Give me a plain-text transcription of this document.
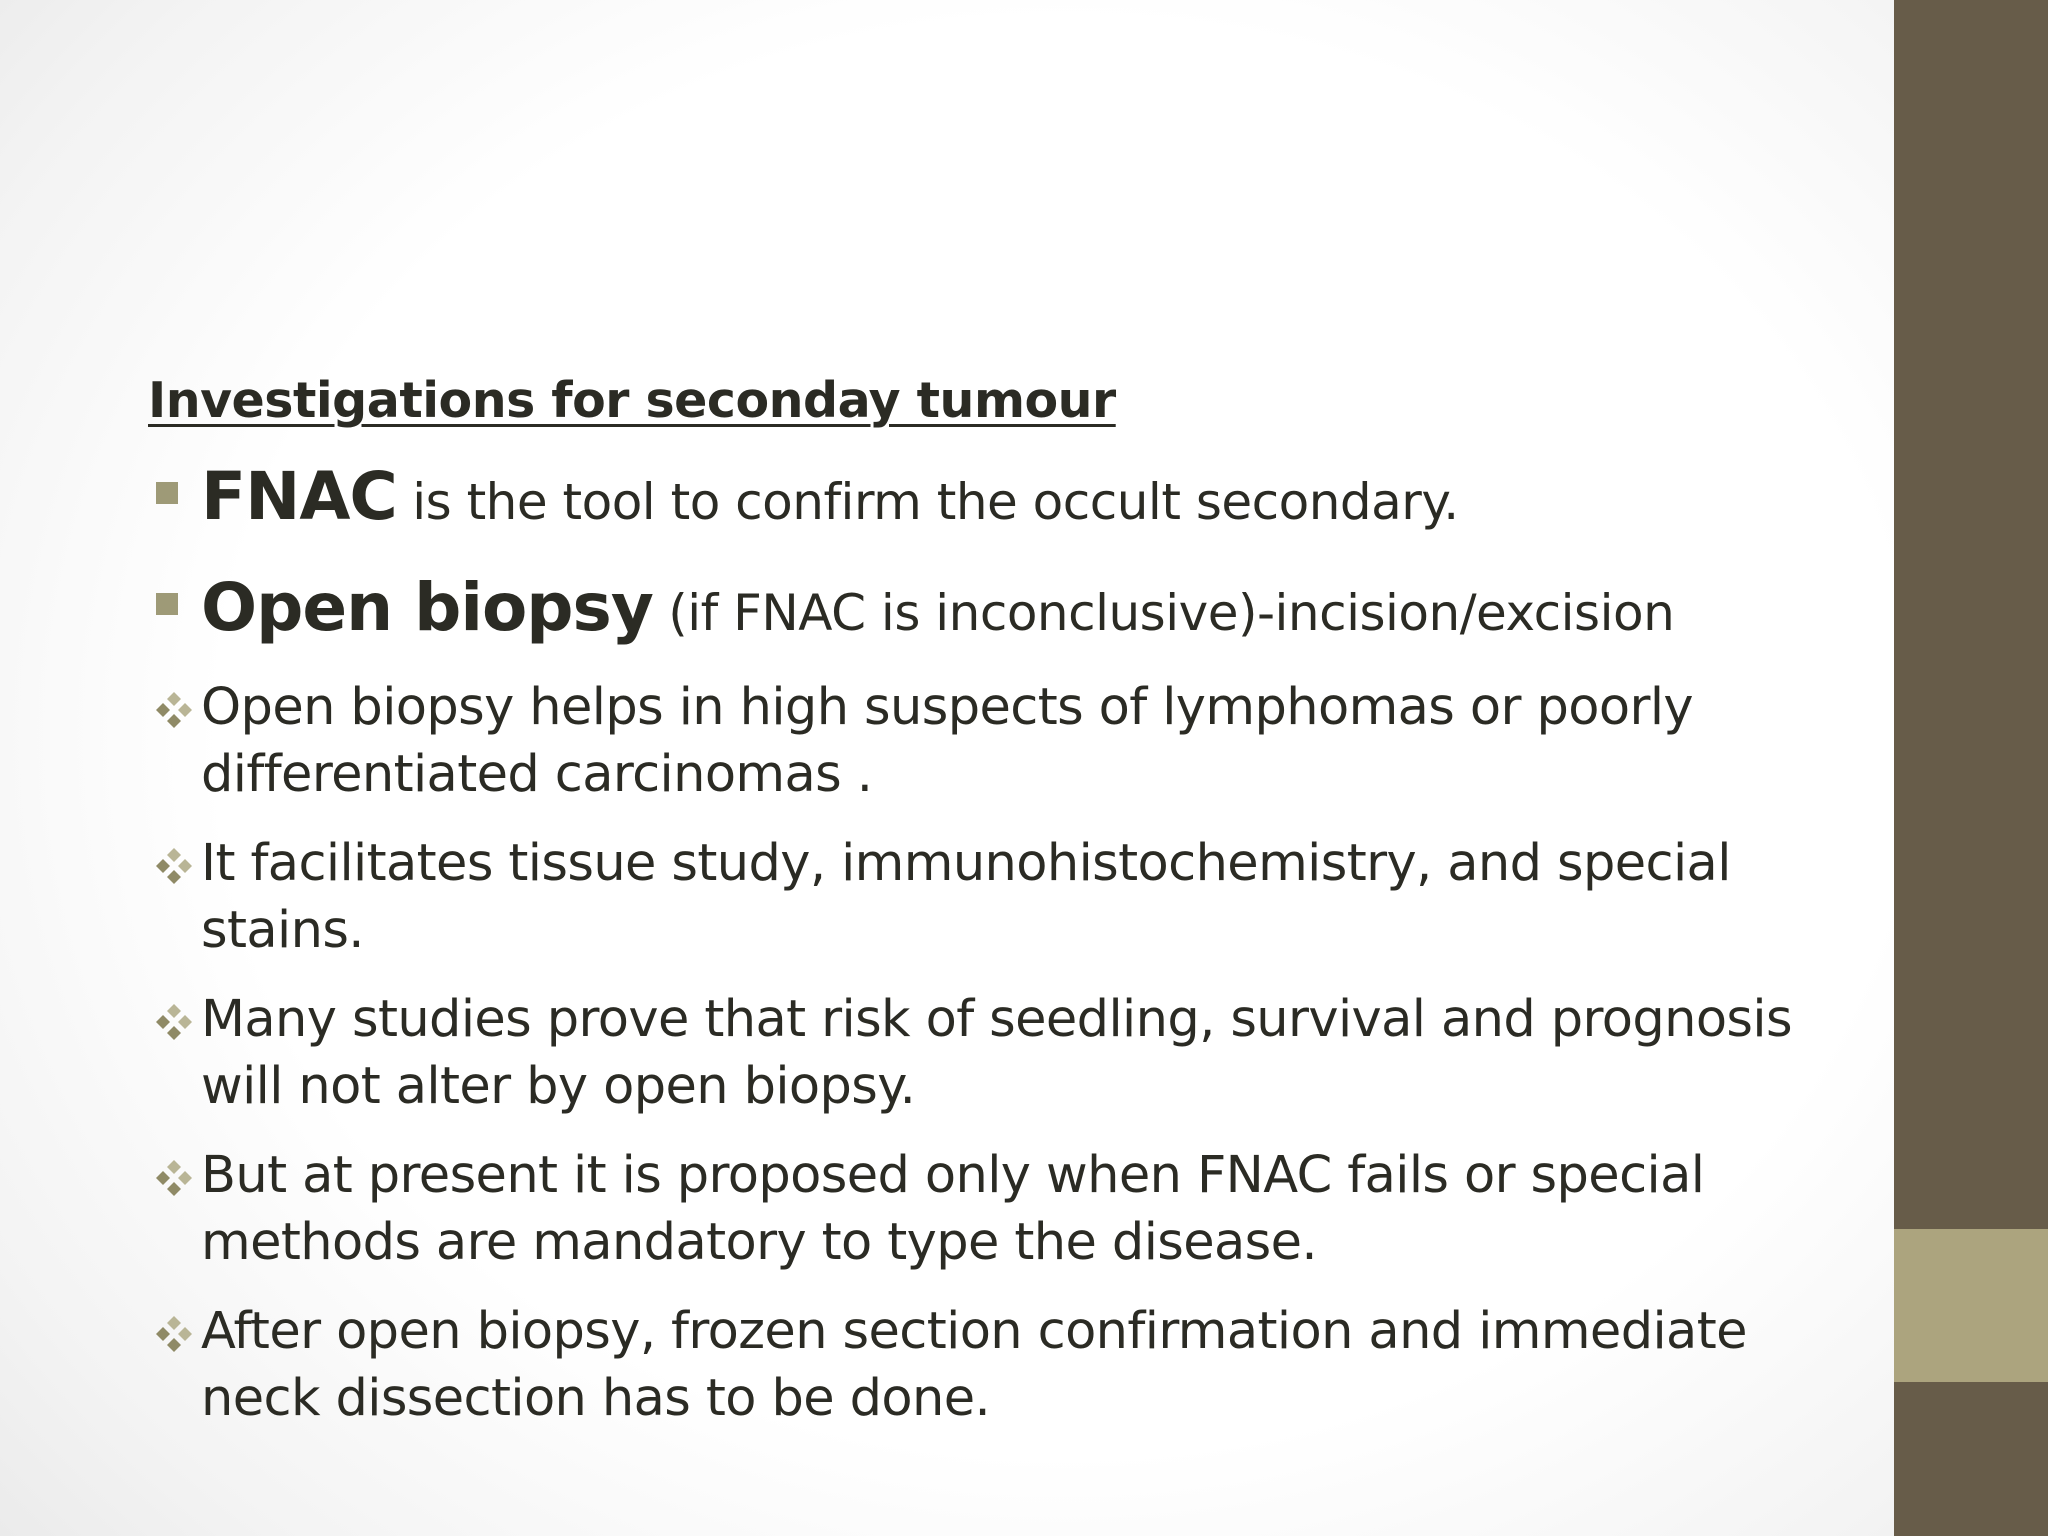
Investigations for seconday tumour
FNAC is the tool to confirm the occult secondary.
Open biopsy (if FNAC is inconclusive)-incision/excision
Open biopsy helps in high suspects of lymphomas or poorly differentiated carcinomas .
It facilitates tissue study, immunohistochemistry, and special stains.
Many studies prove that risk of seedling, survival and prognosis will not alter by open biopsy.
But at present it is proposed only when FNAC fails or special methods are mandatory to type the disease.
After open biopsy, frozen section confirmation and immediate neck dissection has to be done.
